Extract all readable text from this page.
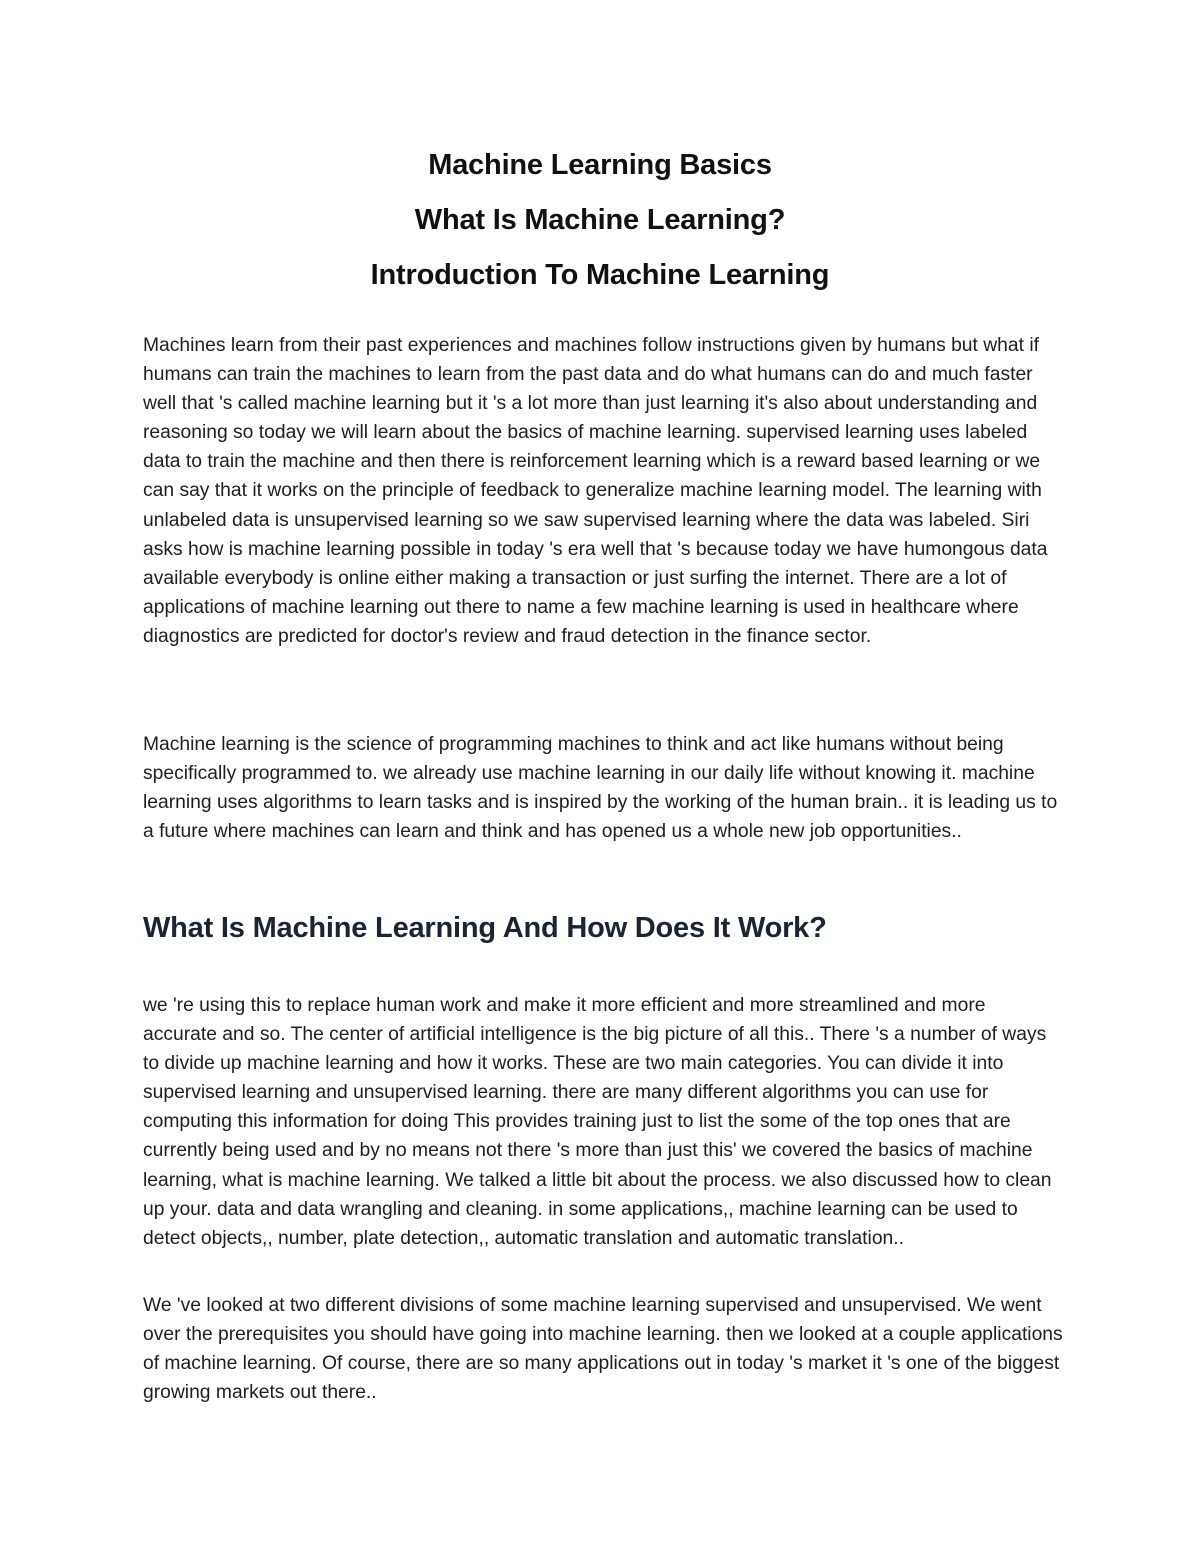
Machine Learning Basics
What Is Machine Learning?
Introduction To Machine Learning

Machines learn from their past experiences and machines follow instructions given by humans but what if humans can train the machines to learn from the past data and do what humans can do and much faster well that 's called machine learning but it 's a lot more than just learning it's also about understanding and reasoning so today we will learn about the basics of machine learning. supervised learning uses labeled data to train the machine and then there is reinforcement learning which is a reward based learning or we can say that it works on the principle of feedback to generalize machine learning model. The learning with unlabeled data is unsupervised learning so we saw supervised learning where the data was labeled. Siri asks how is machine learning possible in today 's era well that 's because today we have humongous data available everybody is online either making a transaction or just surfing the internet. There are a lot of applications of machine learning out there to name a few machine learning is used in healthcare where diagnostics are predicted for doctor's review and fraud detection in the finance sector.

Machine learning is the science of programming machines to think and act like humans without being specifically programmed to. we already use machine learning in our daily life without knowing it. machine learning uses algorithms to learn tasks and is inspired by the working of the human brain.. it is leading us to a future where machines can learn and think and has opened us a whole new job opportunities..

What Is Machine Learning And How Does It Work?

we 're using this to replace human work and make it more efficient and more streamlined and more accurate and so. The center of artificial intelligence is the big picture of all this.. There 's a number of ways to divide up machine learning and how it works. These are two main categories. You can divide it into supervised learning and unsupervised learning. there are many different algorithms you can use for computing this information for doing This provides training just to list the some of the top ones that are currently being used and by no means not there 's more than just this' we covered the basics of machine learning, what is machine learning. We talked a little bit about the process. we also discussed how to clean up your. data and data wrangling and cleaning. in some applications,, machine learning can be used to detect objects,, number, plate detection,, automatic translation and automatic translation..

We 've looked at two different divisions of some machine learning supervised and unsupervised. We went over the prerequisites you should have going into machine learning. then we looked at a couple applications of machine learning. Of course, there are so many applications out in today 's market it 's one of the biggest growing markets out there..
